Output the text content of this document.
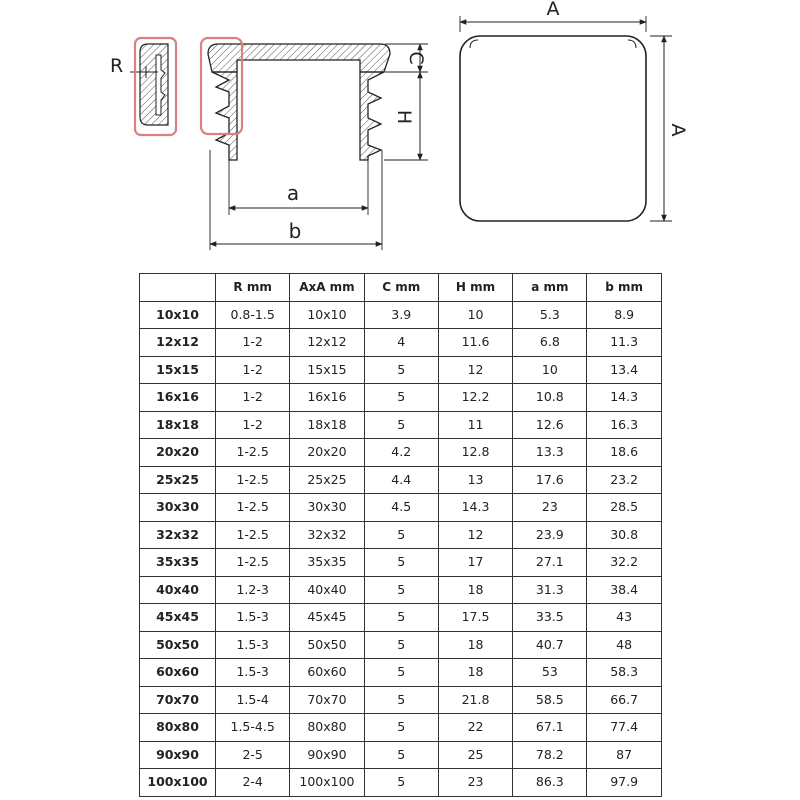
R	C
H
a
b
A
A
	R mm	AxA mm	C mm	H mm	a mm	b mm
10x10	0.8-1.5	10x10	3.9	10	5.3	8.9
12x12	1-2	12x12	4	11.6	6.8	11.3
15x15	1-2	15x15	5	12	10	13.4
16x16	1-2	16x16	5	12.2	10.8	14.3
18x18	1-2	18x18	5	11	12.6	16.3
20x20	1-2.5	20x20	4.2	12.8	13.3	18.6
25x25	1-2.5	25x25	4.4	13	17.6	23.2
30x30	1-2.5	30x30	4.5	14.3	23	28.5
32x32	1-2.5	32x32	5	12	23.9	30.8
35x35	1-2.5	35x35	5	17	27.1	32.2
40x40	1.2-3	40x40	5	18	31.3	38.4
45x45	1.5-3	45x45	5	17.5	33.5	43
50x50	1.5-3	50x50	5	18	40.7	48
60x60	1.5-3	60x60	5	18	53	58.3
70x70	1.5-4	70x70	5	21.8	58.5	66.7
80x80	1.5-4.5	80x80	5	22	67.1	77.4
90x90	2-5	90x90	5	25	78.2	87
100x100	2-4	100x100	5	23	86.3	97.9
